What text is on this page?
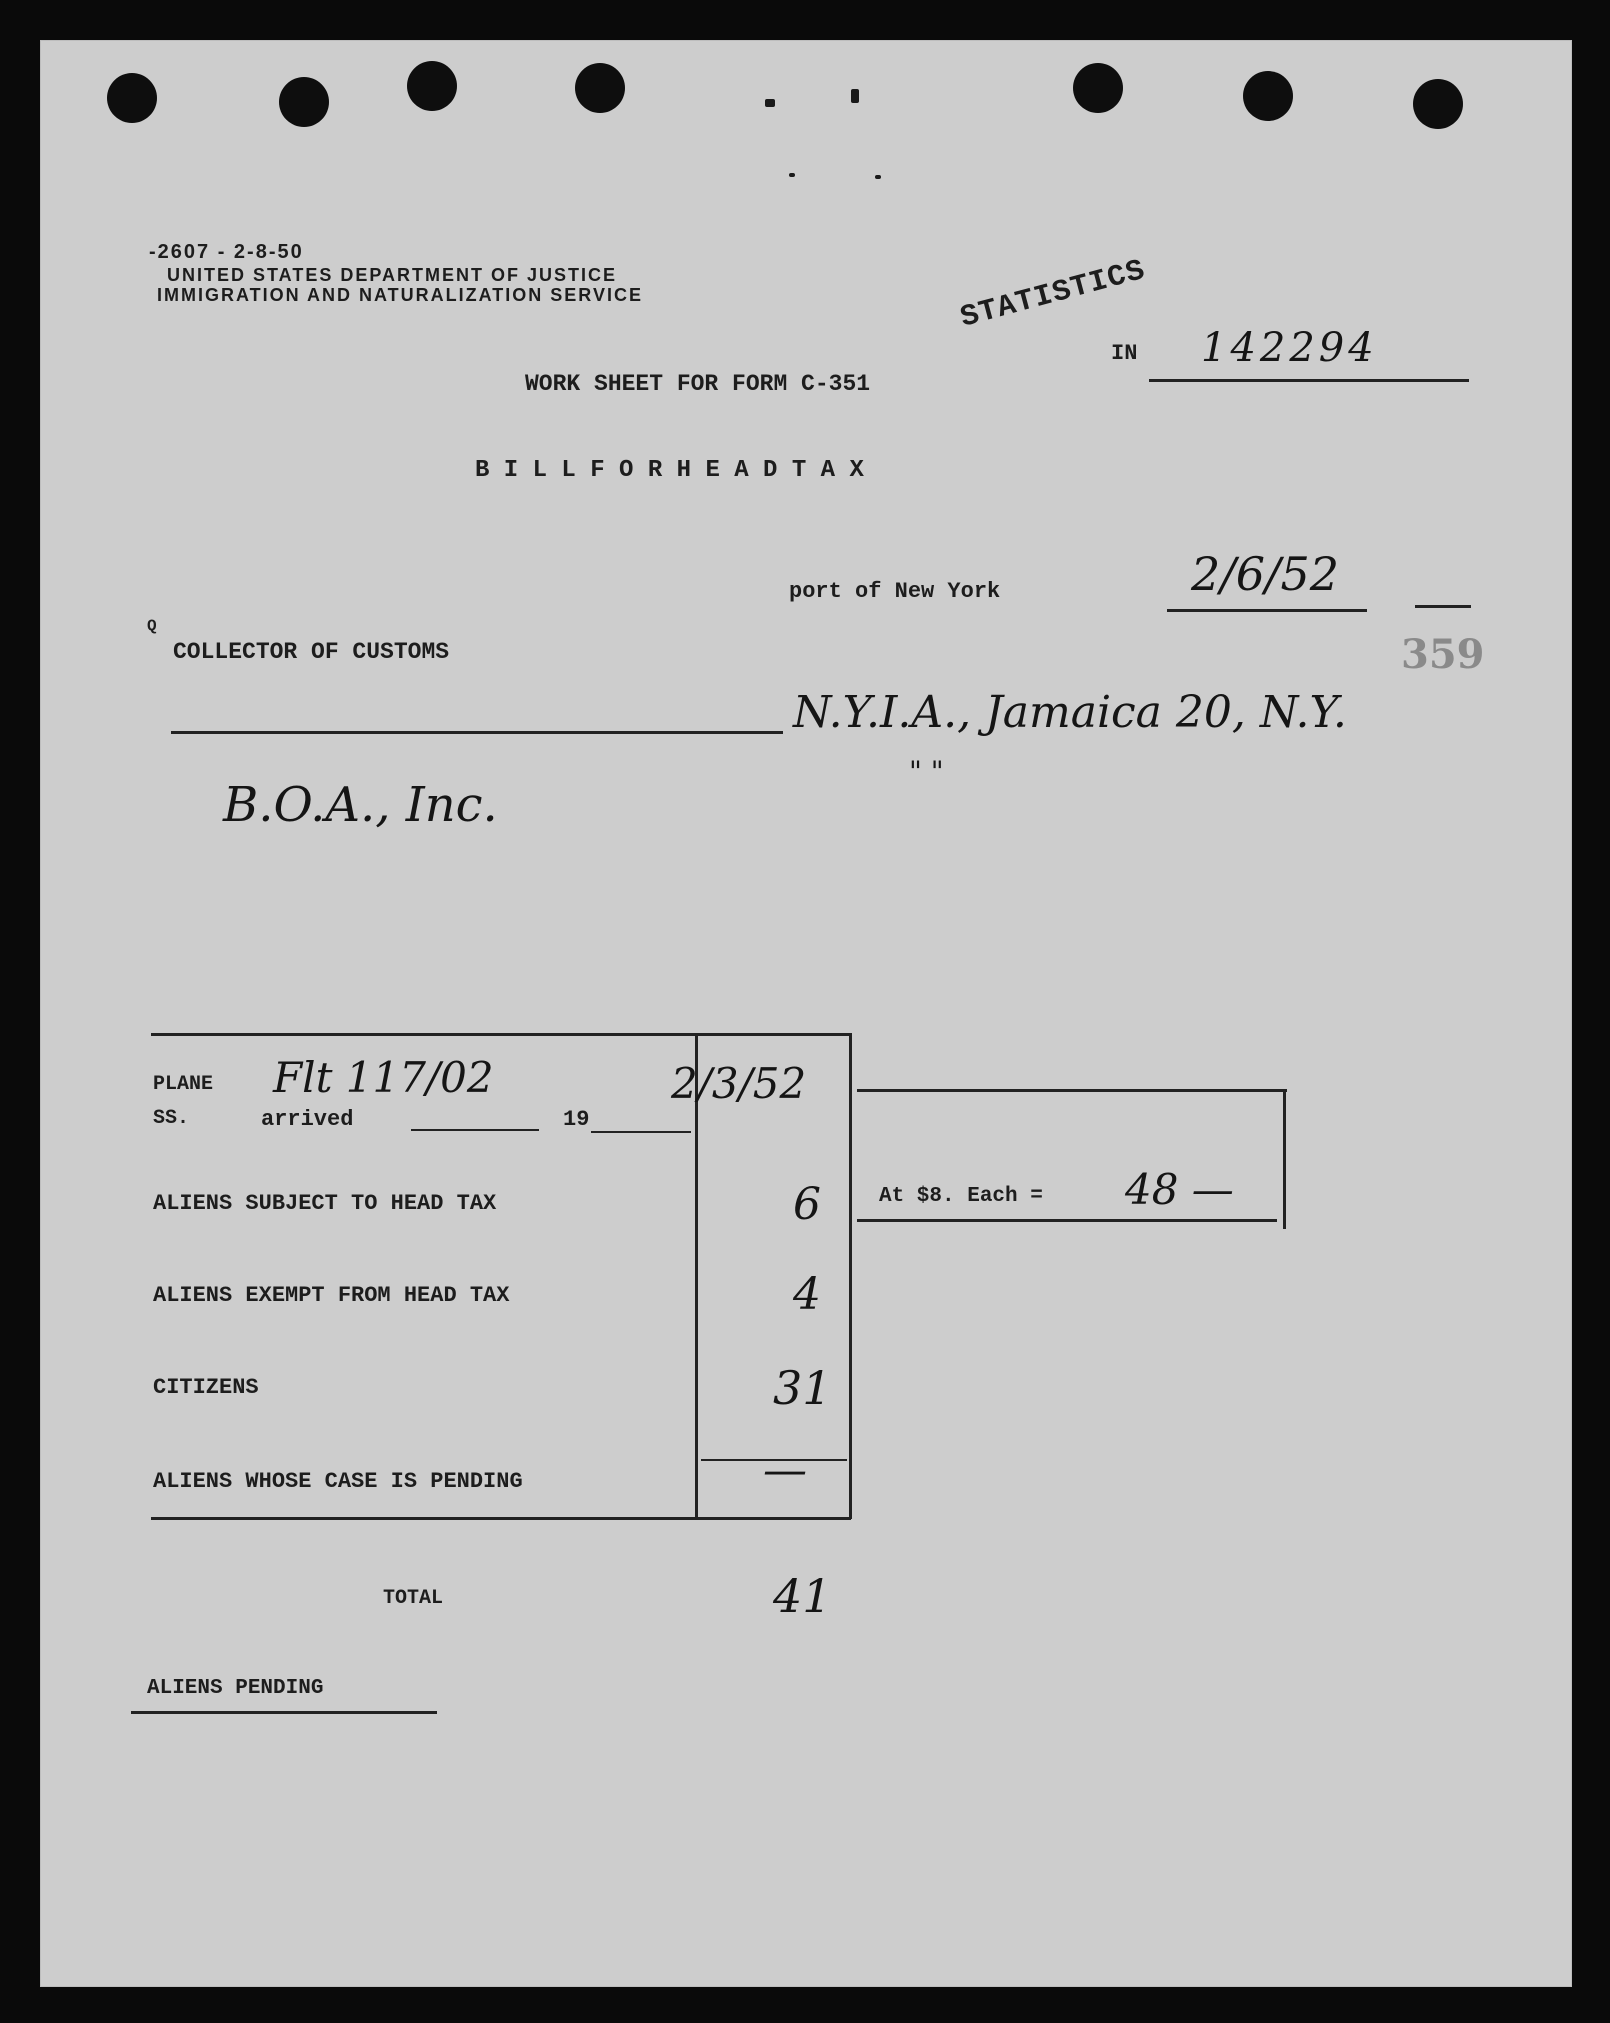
-2607 - 2-8-50
UNITED STATES DEPARTMENT OF JUSTICE
IMMIGRATION AND NATURALIZATION SERVICE	STATISTICS
IN 142294
WORK SHEET FOR FORM C-351
B I L L F O R H E A D T A X
port of New York	2/6/52
359
Q
COLLECTOR OF CUSTOMS
N.Y.I.A., Jamaica 20, N.Y.
" "
B.O.A., Inc.
PLANE
SS.	arrived	19
Flt 117/02	2/3/52
ALIENS SUBJECT TO HEAD TAX	6
ALIENS EXEMPT FROM HEAD TAX	4
CITIZENS	31
ALIENS WHOSE CASE IS PENDING	—
TOTAL	41
At $8. Each = 48 —
ALIENS PENDING
